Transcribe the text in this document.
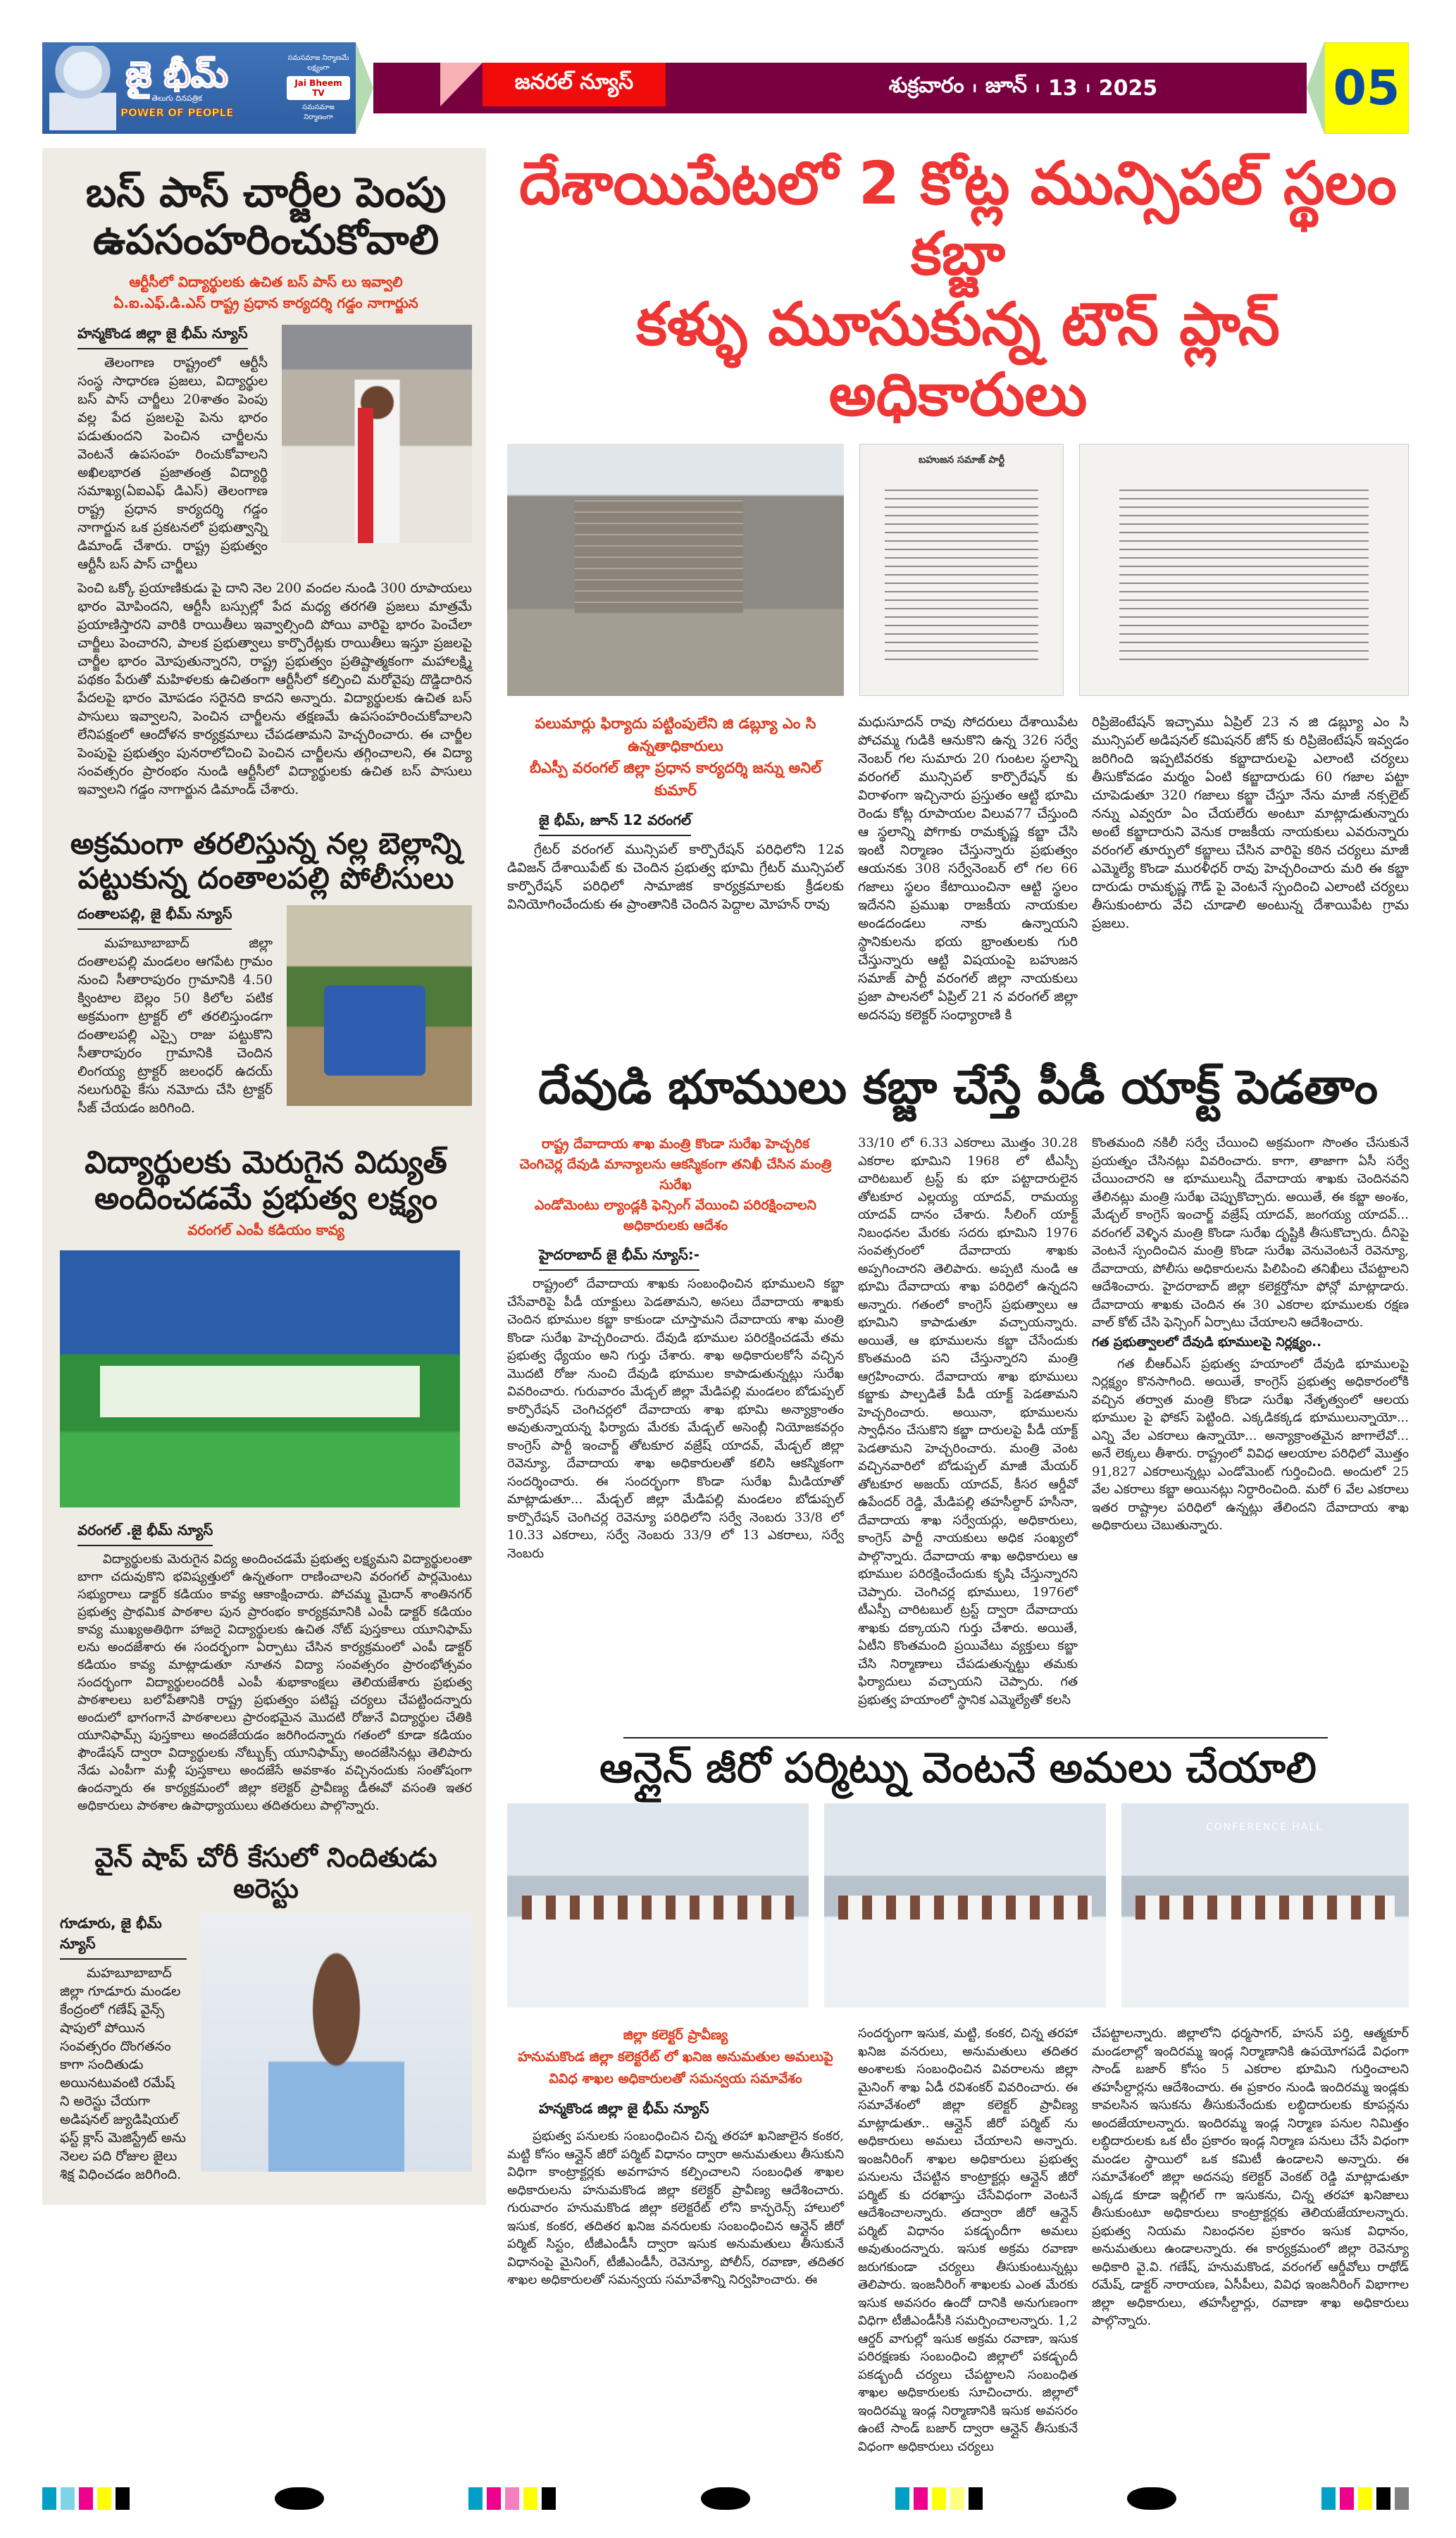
జై భీమ్
తెలుగు దినపత్రిక
POWER OF PEOPLE
సమసమాజ నిర్మాణమే లక్ష్యంగా
Jai Bheem TV
సమసమాజ నిర్మాణంగా
జనరల్ న్యూస్	శుక్రవారం I జూన్ I 13 I 2025	05
బస్ పాస్ చార్జీల పెంపు ఉపసంహరించుకోవాలి
ఆర్టీసీలో విద్యార్థులకు ఉచిత బస్ పాస్ లు ఇవ్వాలి
ఏ.ఐ.ఎఫ్.డి.ఎస్ రాష్ట్ర ప్రధాన కార్యదర్శి గడ్డం నాగార్జున
హన్మకొండ జిల్లా జై భీమ్ న్యూస్
తెలంగాణ రాష్ట్రంలో ఆర్టీసీ సంస్థ సాధారణ ప్రజలు, విద్యార్థుల బస్ పాస్ చార్జీలు 20శాతం పెంపు వల్ల పేద ప్రజలపై పెను భారం పడుతుందని పెంచిన చార్జీలను వెంటనే ఉపసంహ రించుకోవాలని అఖిలభారత ప్రజాతంత్ర విద్యార్థి సమాఖ్య(ఏఐఎఫ్ డిఎస్) తెలంగాణ రాష్ట్ర ప్రధాన కార్యదర్శి గడ్డం నాగార్జున ఒక ప్రకటనలో ప్రభుత్వాన్ని డిమాండ్ చేశారు. రాష్ట్ర ప్రభుత్వం ఆర్టీసీ బస్ పాస్ చార్జీలు
పెంచి ఒక్కో ప్రయాణికుడు పై దాని నెల 200 వందల నుండి 300 రూపాయలు భారం మోపిందని, ఆర్టీసీ బస్సుల్లో పేద మధ్య తరగతి ప్రజలు మాత్రమే ప్రయాణిస్తారని వారికి రాయితీలు ఇవ్వాల్సింది పోయి వారిపై భారం పెంచేలా చార్జీలు పెంచారని, పాలక ప్రభుత్వాలు కార్పొరేట్లకు రాయితీలు ఇస్తూ ప్రజలపై చార్జీల భారం మోపుతున్నారని, రాష్ట్ర ప్రభుత్వం ప్రతిష్టాత్మకంగా మహాలక్ష్మి పథకం పేరుతో మహిళలకు ఉచితంగా ఆర్టీసీలో కల్పించి మరోవైపు దొడ్డిదారిన పేదలపై భారం మోపడం సరైనది కాదని అన్నారు. విద్యార్థులకు ఉచిత బస్ పాసులు ఇవ్వాలని, పెంచిన చార్జీలను తక్షణమే ఉపసంహరించుకోవాలని లేనిపక్షంలో ఆందోళన కార్యక్రమాలు చేపడతామని హెచ్చరించారు. ఈ చార్జీల పెంపుపై ప్రభుత్వం పునరాలోచించి పెంచిన చార్జీలను తగ్గించాలని, ఈ విద్యా సంవత్సరం ప్రారంభం నుండి ఆర్టీసీలో విద్యార్థులకు ఉచిత బస్ పాసులు ఇవ్వాలని గడ్డం నాగార్జున డిమాండ్ చేశారు.
అక్రమంగా తరలిస్తున్న నల్ల బెల్లాన్ని పట్టుకున్న దంతాలపల్లి పోలీసులు
దంతాలపల్లి, జై భీమ్ న్యూస్
మహబూబాబాద్ జిల్లా దంతాలపల్లి మండలం ఆగపేట గ్రామం నుంచి సీతారాపురం గ్రామానికి 4.50 క్వింటాల బెల్లం 50 కిలోల పటిక అక్రమంగా ట్రాక్టర్ లో తరలిస్తుండగా దంతాలపల్లి ఎస్సై రాజు పట్టుకొని సీతారాపురం గ్రామానికి చెందిన లింగయ్య ట్రాక్టర్ జలంధర్ ఉదయ్ నలుగురిపై కేసు నమోదు చేసి ట్రాక్టర్ సీజ్ చేయడం జరిగింది.
విద్యార్థులకు మెరుగైన విద్యుత్ అందించడమే ప్రభుత్వ లక్ష్యం
వరంగల్ ఎంపీ కడియం కావ్య
వరంగల్ .జై భీమ్ న్యూస్
విద్యార్థులకు మెరుగైన విద్య అందించడమే ప్రభుత్వ లక్ష్యమని విద్యార్థులంతా బాగా చదువుకొని భవిష్యత్తులో ఉన్నతంగా రాణించాలని వరంగల్ పార్లమెంటు సభ్యురాలు డాక్టర్ కడియం కావ్య ఆకాంక్షించారు. పోచమ్మ మైదాన్ శాంతినగర్ ప్రభుత్వ ప్రాథమిక పాఠశాల పున ప్రారంభం కార్యక్రమానికి ఎంపీ డాక్టర్ కడియం కావ్య ముఖ్యఅతిథిగా హాజరై విద్యార్థులకు ఉచిత నోట్ పుస్తకాలు యూనిఫామ్ లను అందజేశారు ఈ సందర్భంగా ఏర్పాటు చేసిన కార్యక్రమంలో ఎంపీ డాక్టర్ కడియం కావ్య మాట్లాడుతూ నూతన విద్యా సంవత్సరం ప్రారంభోత్సవం సందర్భంగా విద్యార్థులందరికీ ఎంపీ శుభాకాంక్షలు తెలియజేశారు ప్రభుత్వ పాఠశాలలు బలోపేతానికి రాష్ట్ర ప్రభుత్వం పటిష్ట చర్యలు చేపట్టిందన్నారు అందులో భాగంగానే పాఠశాలలు ప్రారంభమైన మొదటి రోజునే విద్యార్థుల చేతికి యూనిఫామ్స్ పుస్తకాలు అందజేయడం జరిగిందన్నారు గతంలో కూడా కడియం ఫౌండేషన్ ద్వారా విద్యార్థులకు నోట్బుక్స్ యూనిఫామ్స్ అందజేసినట్లు తెలిపారు నేడు ఎంపీగా మళ్లీ పుస్తకాలు అందజేసే అవకాశం వచ్చినందుకు సంతోషంగా ఉందన్నారు ఈ కార్యక్రమంలో జిల్లా కలెక్టర్ ప్రావీణ్య డీఈవో వసంతి ఇతర అధికారులు పాఠశాల ఉపాధ్యాయులు తదితరులు పాల్గొన్నారు.
వైన్ షాప్ చోరీ కేసులో నిందితుడు అరెస్టు
గూడూరు, జై భీమ్ న్యూస్
మహబూబాబాద్ జిల్లా గూడూరు మండల కేంద్రంలో గణేష్ వైన్స్ షాపులో పోయిన సంవత్సరం దొంగతనం కాగా సందితుడు అయినటువంటి రమేష్ ని అరెస్టు చేయగా అడిషనల్ జ్యుడిషియల్ ఫస్ట్ క్లాస్ మెజిస్ట్రేట్ అను నెలల పది రోజుల జైలు శిక్ష విధించడం జరిగింది.
దేశాయిపేటలో 2 కోట్ల మున్సిపల్ స్థలం కబ్జా
కళ్ళు మూసుకున్న టౌన్ ప్లాన్ అధికారులు
బహుజన సమాజ్ పార్టీ
పలుమార్లు ఫిర్యాదు పట్టింపులేని జి డబ్ల్యూ ఎం సి ఉన్నతాధికారులు
బీఎస్పీ వరంగల్ జిల్లా ప్రధాన కార్యదర్శి జన్ను అనిల్ కుమార్
జై భీమ్, జూన్ 12 వరంగల్
గ్రేటర్ వరంగల్ మున్సిపల్ కార్పొరేషన్ పరిధిలోని 12వ డివిజన్ దేశాయిపేట్ కు చెందిన ప్రభుత్వ భూమి గ్రేటర్ మున్సిపల్ కార్పొరేషన్ పరిధిలో సామాజిక కార్యక్రమాలకు క్రీడలకు వినియోగించేందుకు ఈ ప్రాంతానికి చెందిన పెద్దాల మోహన్ రావు
మధుసూదన్ రావు సోదరులు దేశాయిపేట పోచమ్మ గుడికి ఆనుకొని ఉన్న 326 సర్వే నెంబర్ గల సుమారు 20 గుంటల స్థలాన్ని వరంగల్ మున్సిపల్ కార్పొరేషన్ కు విరాళంగా ఇచ్చినారు ప్రస్తుతం ఆట్టి భూమి రెండు కోట్ల రూపాయల విలువ77 చేస్తుంది ఆ స్థలాన్ని పోగాకు రామకృష్ణ కబ్జా చేసి ఇంటి నిర్మాణం చేస్తున్నారు ప్రభుత్వం ఆయనకు 308 సర్వేనెంబర్ లో గల 66 గజాలు స్థలం కేటాయించినా ఆట్టి స్థలం ఇదేనని ప్రముఖ రాజకీయ నాయకుల అండదండలు నాకు ఉన్నాయని స్థానికులను భయ భ్రాంతులకు గురి చేస్తున్నారు ఆట్టి విషయంపై బహుజన సమాజ్ పార్టీ వరంగల్ జిల్లా నాయకులు ప్రజా పాలనలో ఏప్రిల్ 21 న వరంగల్ జిల్లా అదనపు కలెక్టర్ సంధ్యారాణి కి
రిప్రిజెంటేషన్ ఇచ్చాము ఏప్రిల్ 23 న జి డబ్ల్యూ ఎం సి మున్సిపల్ అడిషనల్ కమిషనర్ జోన్ కు రిప్రిజెంటేషన్ ఇవ్వడం జరిగింది ఇప్పటివరకు కబ్జాదారులపై ఎలాంటి చర్యలు తీసుకోవడం మర్మం ఏంటి కబ్జాదారుడు 60 గజాల పట్టా చూపెడుతూ 320 గజాలు కబ్జా చేస్తూ నేను మాజీ నక్సలైట్ నన్ను ఎవ్వరూ ఏం చేయలేరు అంటూ మాట్లాడుతున్నారు అంటే కబ్జాదారుని వెనుక రాజకీయ నాయకులు ఎవరున్నారు వరంగల్ తూర్పులో కబ్జాలు చేసిన వారిపై కఠిన చర్యలు మాజీ ఎమ్మెల్యే కొండా మురళీధర్ రావు హెచ్చరించారు మరి ఈ కబ్జా దారుడు రామకృష్ణ గౌడ్ పై వెంటనే స్పందించి ఎలాంటి చర్యలు తీసుకుంటారు వేచి చూడాలి అంటున్న దేశాయిపేట గ్రామ ప్రజలు.
దేవుడి భూములు కబ్జా చేస్తే పీడీ యాక్ట్ పెడతాం
రాష్ట్ర దేవాదాయ శాఖ మంత్రి కొండా సురేఖ హెచ్చరిక
చెంగిచెర్ల దేవుడి మాన్యాలను ఆకస్మికంగా తనిఖీ చేసిన మంత్రి సురేఖ
ఎండోమెంటు ల్యాండ్లకి ఫెన్సింగ్ వేయించి పరిరక్షించాలని అధికారులకు ఆదేశం
హైదరాబాద్ జై భీమ్ న్యూస్:-
రాష్ట్రంలో దేవాదాయ శాఖకు సంబంధించిన భూములని కబ్జా చేసేవారిపై పీడీ యాక్టులు పెడతామని, అసలు దేవాదాయ శాఖకు చెందిన భూముల కబ్జా కాకుండా చూస్తామని దేవాదాయ శాఖ మంత్రి కొండా సురేఖ హెచ్చరించారు. దేవుడి భూముల పరిరక్షించడమే తమ ప్రభుత్వ ధ్యేయం అని గుర్తు చేశారు. శాఖ అధికారులకోసే వచ్చిన మొదటి రోజు నుంచి దేవుడి భూముల కాపాడుతున్నట్లు సురేఖ వివరించారు. గురువారం మేడ్చల్ జిల్లా మేడిపల్లి మండలం బోడుప్పల్ కార్పొరేషన్ చెంగిచర్లలో దేవాదాయ శాఖ భూమి అన్యాక్రాంతం అవుతున్నాయన్న ఫిర్యాదు మేరకు మేడ్చల్ అసెంబ్లీ నియోజకవర్గం కాంగ్రెస్ పార్టీ ఇంచార్జ్ తోటకూర వజ్రేష్ యాదవ్, మేడ్చల్ జిల్లా రెవెన్యూ, దేవాదాయ శాఖ అధికారులతో కలిసి ఆకస్మికంగా సందర్శించారు. ఈ సందర్భంగా కొండా సురేఖ మీడియాతో మాట్లాడుతూ... మేడ్చల్ జిల్లా మేడిపల్లి మండలం బోడుప్పల్ కార్పొరేషన్ చెంగిచర్ల రెవెన్యూ పరిధిలోని సర్వే నెంబరు 33/8 లో 10.33 ఎకరాలు, సర్వే నెంబరు 33/9 లో 13 ఎకరాలు, సర్వే నెంబరు
33/10 లో 6.33 ఎకరాలు మొత్తం 30.28 ఎకరాల భూమిని 1968 లో టీఎస్పీ చారిటబుల్ ట్రస్ట్ కు భూ పట్టాదారులైన తోటకూర ఎల్లయ్య యాదవ్, రామయ్య యాదవ్ దానం చేశారు. సీలింగ్ యాక్ట్ నిబంధనల మేరకు సదరు భూమిని 1976 సంవత్సరంలో దేవాదాయ శాఖకు అప్పగించారని తెలిపారు. అప్పటి నుండి ఆ భూమి దేవాదాయ శాఖ పరిధిలో ఉన్నదని అన్నారు. గతంలో కాంగ్రెస్ ప్రభుత్వాలు ఆ భూమిని కాపాడుతూ వచ్చాయన్నారు. అయితే, ఆ భూములను కబ్జా చేసేందుకు కొంతమంది పని చేస్తున్నారని మంత్రి ఆగ్రహించారు. దేవాదాయ శాఖ భూములు కబ్జాకు పాల్పడితే పీడీ యాక్ట్ పెడతామని హెచ్చరించారు. అయినా, భూములను స్వాధీనం చేసుకొని కబ్జా దారులపై పీడీ యాక్ట్ పెడతామని హెచ్చరించారు. మంత్రి వెంట వచ్చినవారిలో బోడుప్పల్ మాజీ మేయర్ తోటకూర అజయ్ యాదవ్, కీసర ఆర్డీవో ఉపేందర్ రెడ్డి, మేడిపల్లి తహసీల్దార్ హసీనా, దేవాదాయ శాఖ సర్వేయర్లు, అధికారులు, కాంగ్రెస్ పార్టీ నాయకులు అధిక సంఖ్యలో పాల్గొన్నారు. దేవాదాయ శాఖ అధికారులు ఆ భూముల పరిరక్షించేందుకు కృషి చేస్తున్నారని చెప్పారు. చెంగిచర్ల భూములు, 1976లో టీఎస్పీ చారిటబుల్ ట్రస్ట్ ద్వారా దేవాదాయ శాఖకు దక్కాయని గుర్తు చేశారు. అయితే, ఏటీని కొంతమంది ప్రయివేటు వ్యక్తులు కబ్జా చేసి నిర్మాణాలు చేపడుతున్నట్టు తమకు ఫిర్యాదులు వచ్చాయని చెప్పారు. గత ప్రభుత్వ హయాంలో స్థానిక ఎమ్మెల్యేతో కలసి
కొంతమంది నకిలీ సర్వే చేయించి అక్రమంగా సొంతం చేసుకునే ప్రయత్నం చేసినట్లు వివరించారు. కాగా, తాజాగా ఏసీ సర్వే చేయించారని ఆ భూములున్నీ దేవాదాయ శాఖకు చెందినవని తేలినట్లు మంత్రి సురేఖ చెప్పుకొచ్చారు. అయితే, ఈ కబ్జా అంశం, మేడ్చల్ కాంగ్రెస్ ఇంచార్జ్ వజ్రేష్ యాదవ్, జంగయ్య యాదవ్... వరంగల్ వెళ్ళిన మంత్రి కొండా సురేఖ దృష్టికి తీసుకొచ్చారు. దీనిపై వెంటనే స్పందించిన మంత్రి కొండా సురేఖ వెనువెంటనే రెవెన్యూ, దేవాదాయ, పోలీసు అధికారులను పిలిపించి తనిఖీలు చేపట్టాలని ఆదేశించారు. హైదరాబాద్ జిల్లా కలెక్టర్తోనూ ఫోన్లో మాట్లాడారు. దేవాదాయ శాఖకు చెందిన ఈ 30 ఎకరాల భూములకు రక్షణ వాల్ కోట్ చేసి ఫెన్సింగ్ ఏర్పాటు చేయాలని ఆదేశించారు.
గత ప్రభుత్వాలలో దేవుడి భూములపై నిర్లక్ష్యం..
గత బీఆర్ఎస్ ప్రభుత్వ హయాంలో దేవుడి భూములపై నిర్లక్ష్యం కొనసాగింది. అయితే, కాంగ్రెస్ ప్రభుత్వ అధికారంలోకి వచ్చిన తర్వాత మంత్రి కొండా సురేఖ నేతృత్వంలో ఆలయ భూముల పై ఫోకస్ పెట్టింది. ఎక్కడికక్కడ భూములున్నాయో... ఎన్ని వేల ఎకరాలు ఉన్నాయో... అన్యాక్రాంతమైన జాగాలేవో... అనే లెక్కలు తీశారు. రాష్ట్రంలో వివిధ ఆలయాల పరిధిలో మొత్తం 91,827 ఎకరాలున్నట్లు ఎండోమెంట్ గుర్తించింది. అందులో 25 వేల ఎకరాలు కబ్జా అయినట్లు నిర్ధారించింది. మరో 6 వేల ఎకరాలు ఇతర రాష్ట్రాల పరిధిలో ఉన్నట్లు తేలిందని దేవాదాయ శాఖ అధికారులు చెబుతున్నారు.
ఆన్లైన్ జీరో పర్మిట్ను వెంటనే అమలు చేయాలి
CONFERENCE HALL
జిల్లా కలెక్టర్ ప్రావీణ్య
హనుమకొండ జిల్లా కలెక్టరేట్ లో ఖనిజ అనుమతుల అమలుపై వివిధ శాఖల అధికారులతో సమన్వయ సమావేశం
హన్మకొండ జిల్లా జై భీమ్ న్యూస్
ప్రభుత్వ పనులకు సంబంధించిన చిన్న తరహా ఖనిజాలైన కంకర, మట్టి కోసం ఆన్లైన్ జీరో పర్మిట్ విధానం ద్వారా అనుమతులు తీసుకుని విధిగా కాంట్రాక్టర్లకు అవగాహన కల్పించాలని సంబంధిత శాఖల అధికారులను హనుమకొండ జిల్లా కలెక్టర్ ప్రావీణ్య ఆదేశించారు. గురువారం హనుమకొండ జిల్లా కలెక్టరేట్ లోని కాన్ఫరెన్స్ హాలులో ఇసుక, కంకర, తదితర ఖనిజ వనరులకు సంబంధించిన ఆన్లైన్ జీరో పర్మిట్ సిస్టం, టీజీఎండీసీ ద్వారా ఇసుక అనుమతులు తీసుకునే విధానంపై మైనింగ్, టీజీఎండీసీ, రెవెన్యూ, పోలీస్, రవాణా, తదితర శాఖల అధికారులతో సమన్వయ సమావేశాన్ని నిర్వహించారు. ఈ
సందర్భంగా ఇసుక, మట్టి, కంకర, చిన్న తరహా ఖనిజ వనరులు, అనుమతులు తదితర అంశాలకు సంబంధించిన వివరాలను జిల్లా మైనింగ్ శాఖ ఏడీ రవిశంకర్ వివరించారు. ఈ సమావేశంలో జిల్లా కలెక్టర్ ప్రావీణ్య మాట్లాడుతూ.. ఆన్లైన్ జీరో పర్మిట్ ను అధికారులు అమలు చేయాలని అన్నారు. ఇంజనీరింగ్ శాఖల అధికారులు ప్రభుత్వ పనులను చేపట్టిన కాంట్రాక్టర్లు ఆన్లైన్ జీరో పర్మిట్ కు దరఖాస్తు చేసేవిధంగా వెంటనే ఆదేశించాలన్నారు. తద్వారా జీరో ఆన్లైన్ పర్మిట్ విధానం పకడ్బందీగా అమలు అవుతుందన్నారు. ఇసుక అక్రమ రవాణా జరుగకుండా చర్యలు తీసుకుంటున్నట్లు తెలిపారు. ఇంజనీరింగ్ శాఖలకు ఎంత మేరకు ఇసుక అవసరం ఉందో దానికి అనుగుణంగా విధిగా టీజీఎండీసీకి సమర్పించాలన్నారు. 1,2 ఆర్డర్ వాగుల్లో ఇసుక అక్రమ రవాణా, ఇసుక పరిరక్షణకు సంబంధించి జిల్లాలో పకడ్బందీ పకడ్బందీ చర్యలు చేపట్టాలని సంబంధిత శాఖల అధికారులకు సూచించారు. జిల్లాలో ఇందిరమ్మ ఇండ్ల నిర్మాణానికి ఇసుక అవసరం ఉంటే సాండ్ బజార్ ద్వారా ఆన్లైన్ తీసుకునే విధంగా అధికారులు చర్యలు
చేపట్టాలన్నారు. జిల్లాలోని ధర్మసాగర్, హసన్ పర్తి, ఆత్మకూర్ మండలాల్లో ఇందిరమ్మ ఇండ్ల నిర్మాణానికి ఉపయోగపడే విధంగా సాండ్ బజార్ కోసం 5 ఎకరాల భూమిని గుర్తించాలని తహసీల్దార్లను ఆదేశించారు. ఈ ప్రకారం నుండి ఇందిరమ్మ ఇండ్లకు కావలసిన ఇసుకను తీసుకునేందుకు లబ్ధిదారులకు కూపన్లను అందజేయాలన్నారు. ఇందిరమ్మ ఇండ్ల నిర్మాణ పనుల నిమిత్తం లబ్ధిదారులకు ఒక టీం ప్రకారం ఇండ్ల నిర్మాణ పనులు చేసే విధంగా మండల స్థాయిలో ఒక కమిటీ ఉండాలని అన్నారు. ఈ సమావేశంలో జిల్లా అదనపు కలెక్టర్ వెంకట్ రెడ్డి మాట్లాడుతూ ఎక్కడ కూడా ఇల్లీగల్ గా ఇసుకను, చిన్న తరహా ఖనిజాలు తీసుకుంటూ అధికారులు కాంట్రాక్టర్లకు తెలియజేయాలన్నారు. ప్రభుత్వ నియమ నిబంధనల ప్రకారం ఇసుక విధానం, అనుమతులు ఉండాలన్నారు. ఈ కార్యక్రమంలో జిల్లా రెవెన్యూ అధికారి వై.వి. గణేష్, హనుమకొండ, వరంగల్ ఆర్డీవోలు రాథోడ్ రమేష్, డాక్టర్ నారాయణ, ఏసీపీలు, వివిధ ఇంజనీరింగ్ విభాగాల జిల్లా అధికారులు, తహసీల్దార్లు, రవాణా శాఖ అధికారులు పాల్గొన్నారు.
